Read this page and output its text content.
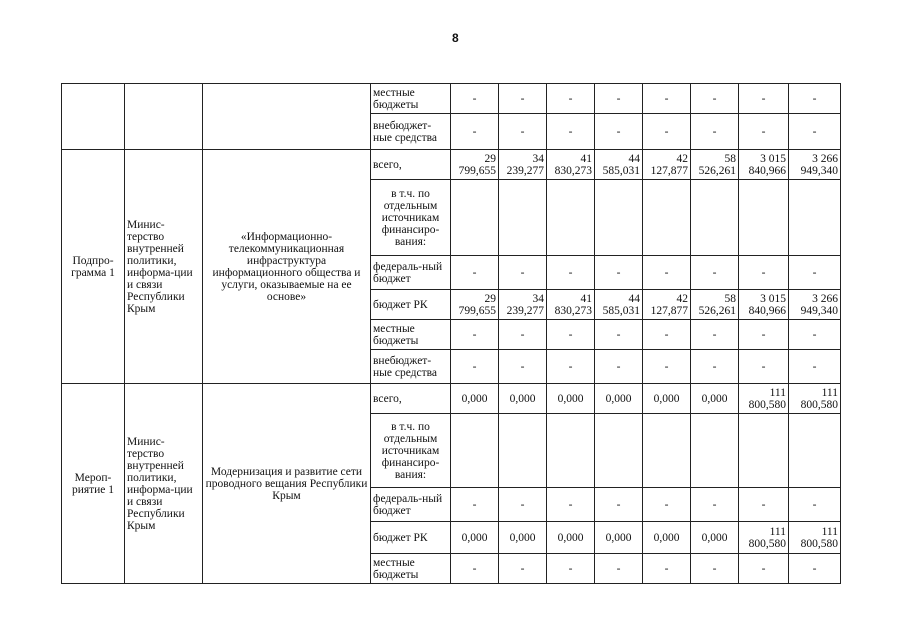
8
			местные бюджеты	-	-	-	-	-	-	-	-
			внебюджет-ные средства	-	-	-	-	-	-	-	-
Подпро-грамма 1	Минис-терство внутренней политики, информа-ции и связи Республики Крым	«Информационно-телекоммуникационная инфраструктура информационного общества и услуги, оказываемые на ее основе»	всего,	29 799,655	34 239,277	41 830,273	44 585,031	42 127,877	58 526,261	3 015 840,966	3 266 949,340
			в т.ч. по отдельным источникам финансиро-вания:								
			федераль-ный бюджет	-	-	-	-	-	-	-	-
			бюджет РК	29 799,655	34 239,277	41 830,273	44 585,031	42 127,877	58 526,261	3 015 840,966	3 266 949,340
			местные бюджеты	-	-	-	-	-	-	-	-
			внебюджет-ные средства	-	-	-	-	-	-	-	-
Мероп-риятие 1	Минис-терство внутренней политики, информа-ции и связи Республики Крым	Модернизация и развитие сети проводного вещания Республики Крым	всего,	0,000	0,000	0,000	0,000	0,000	0,000	111 800,580	111 800,580
			в т.ч. по отдельным источникам финансиро-вания:								
			федераль-ный бюджет	-	-	-	-	-	-	-	-
			бюджет РК	0,000	0,000	0,000	0,000	0,000	0,000	111 800,580	111 800,580
			местные бюджеты	-	-	-	-	-	-	-	-
